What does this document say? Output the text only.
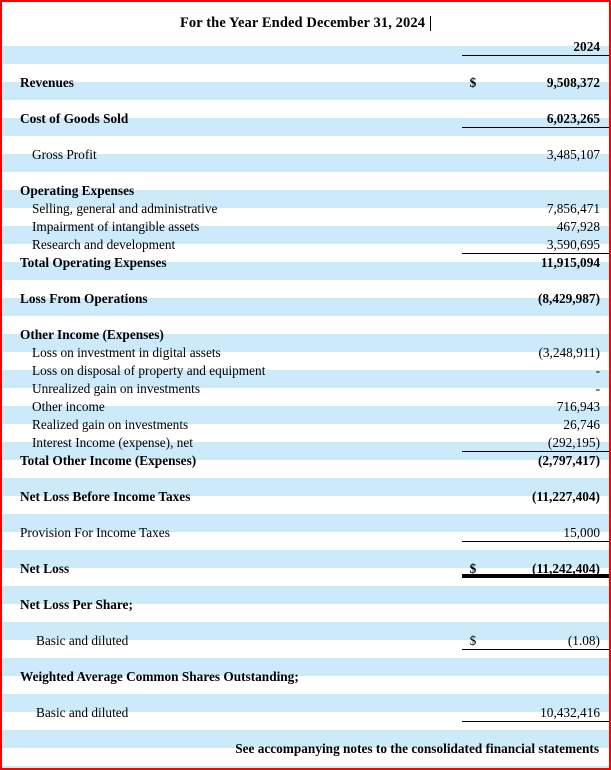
For the Year Ended December 31, 2024
	2024	

Revenues	$	9,508,372

Cost of Goods Sold		6,023,265

Gross Profit		3,485,107

Operating Expenses		
Selling, general and administrative		7,856,471
Impairment of intangible assets		467,928
Research and development		3,590,695
Total Operating Expenses		11,915,094

Loss From Operations		(8,429,987)

Other Income (Expenses)		
Loss on investment in digital assets		(3,248,911)
Loss on disposal of property and equipment		-
Unrealized gain on investments		-
Other income		716,943
Realized gain on investments		26,746
Interest Income (expense), net		(292,195)
Total Other Income (Expenses)		(2,797,417)

Net Loss Before Income Taxes		(11,227,404)

Provision For Income Taxes		15,000

Net Loss	$	(11,242,404)

Net Loss Per Share;		

Basic and diluted	$	(1.08)

Weighted Average Common Shares Outstanding;		

Basic and diluted		10,432,416

See accompanying notes to the consolidated financial statements
